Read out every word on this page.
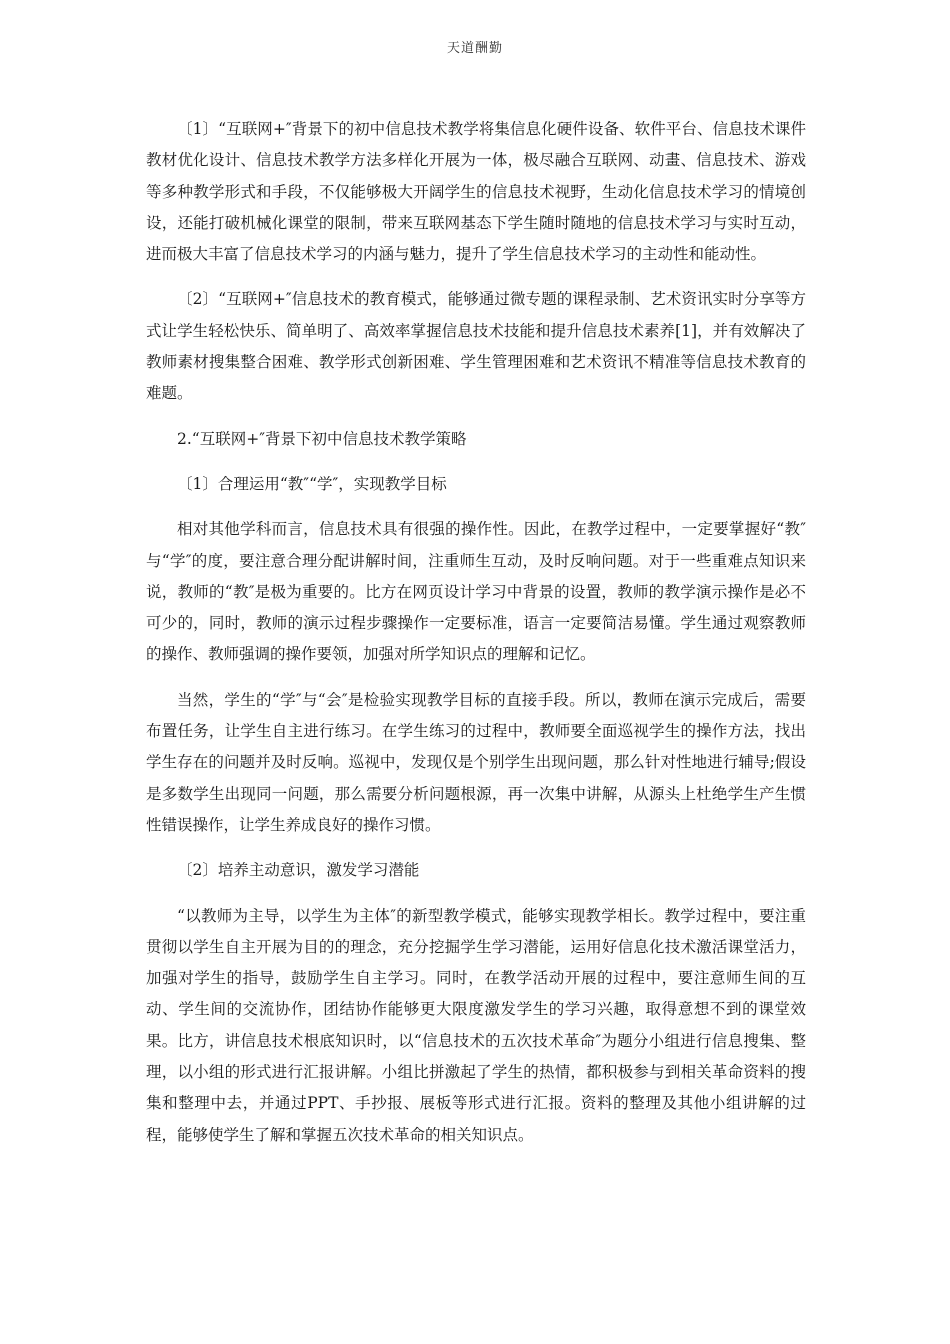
天道酬勤

〔1〕“互联网+″背景下的初中信息技术教学将集信息化硬件设备、软件平台、信息技术课件教材优化设计、信息技术教学方法多样化开展为一体，极尽融合互联网、动畫、信息技术、游戏等多种教学形式和手段，不仅能够极大开阔学生的信息技术视野，生动化信息技术学习的情境创设，还能打破机械化课堂的限制，带来互联网基态下学生随时随地的信息技术学习与实时互动，进而极大丰富了信息技术学习的内涵与魅力，提升了学生信息技术学习的主动性和能动性。

〔2〕“互联网+″信息技术的教育模式，能够通过微专题的课程录制、艺术资讯实时分享等方式让学生轻松快乐、简单明了、高效率掌握信息技术技能和提升信息技术素养[1]，并有效解决了教师素材搜集整合困难、教学形式创新困难、学生管理困难和艺术资讯不精准等信息技术教育的难题。

2.“互联网+″背景下初中信息技术教学策略

〔1〕合理运用“教″“学″，实现教学目标

相对其他学科而言，信息技术具有很强的操作性。因此，在教学过程中，一定要掌握好“教″与“学″的度，要注意合理分配讲解时间，注重师生互动，及时反响问题。对于一些重难点知识来说，教师的“教″是极为重要的。比方在网页设计学习中背景的设置，教师的教学演示操作是必不可少的，同时，教师的演示过程步骤操作一定要标准，语言一定要简洁易懂。学生通过观察教师的操作、教师强调的操作要领，加强对所学知识点的理解和记忆。

当然，学生的“学″与“会″是检验实现教学目标的直接手段。所以，教师在演示完成后，需要布置任务，让学生自主进行练习。在学生练习的过程中，教师要全面巡视学生的操作方法，找出学生存在的问题并及时反响。巡视中，发现仅是个别学生出现问题，那么针对性地进行辅导;假设是多数学生出现同一问题，那么需要分析问题根源，再一次集中讲解，从源头上杜绝学生产生惯性错误操作，让学生养成良好的操作习惯。

〔2〕培养主动意识，激发学习潜能

“以教师为主导，以学生为主体″的新型教学模式，能够实现教学相长。教学过程中，要注重贯彻以学生自主开展为目的的理念，充分挖掘学生学习潜能，运用好信息化技术激活课堂活力，加强对学生的指导，鼓励学生自主学习。同时，在教学活动开展的过程中，要注意师生间的互动、学生间的交流协作，团结协作能够更大限度激发学生的学习兴趣，取得意想不到的课堂效果。比方，讲信息技术根底知识时，以“信息技术的五次技术革命″为题分小组进行信息搜集、整理，以小组的形式进行汇报讲解。小组比拼激起了学生的热情，都积极参与到相关革命资料的搜集和整理中去，并通过PPT、手抄报、展板等形式进行汇报。资料的整理及其他小组讲解的过程，能够使学生了解和掌握五次技术革命的相关知识点。
